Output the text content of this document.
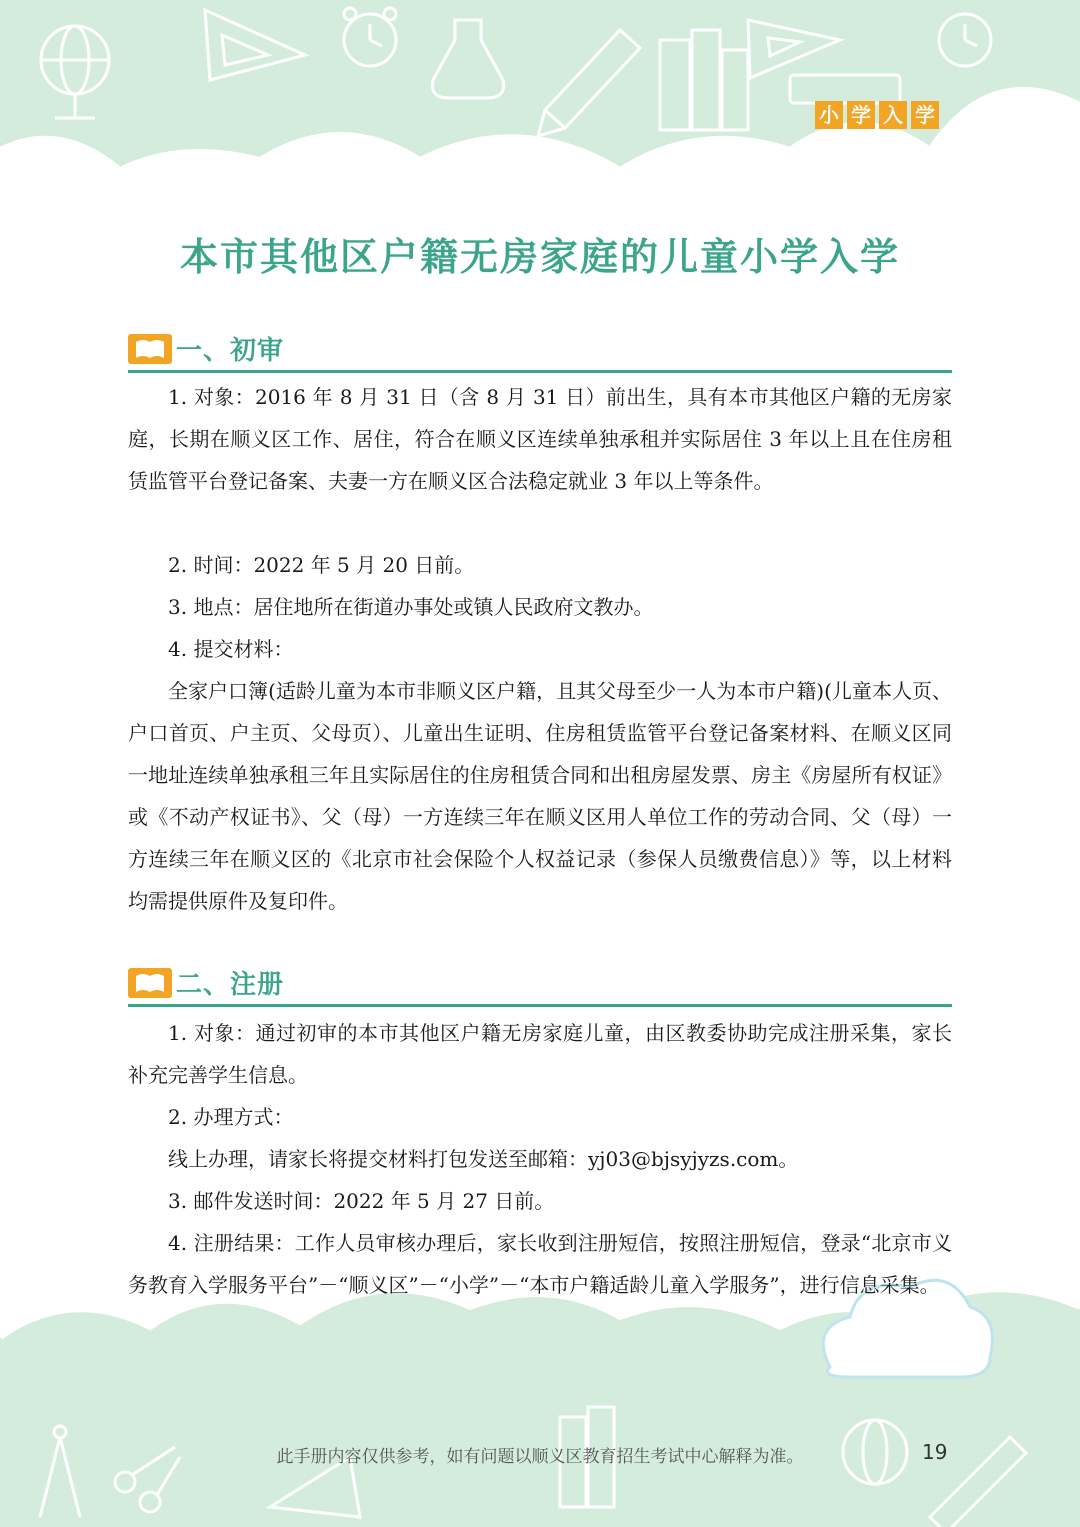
小 学 入 学
本市其他区户籍无房家庭的儿童小学入学
一、初审

1. 对象：2016 年 8 月 31 日（含 8 月 31 日）前出生，具有本市其他区户籍的无房家庭，长期在顺义区工作、居住，符合在顺义区连续单独承租并实际居住 3 年以上且在住房租赁监管平台登记备案、夫妻一方在顺义区合法稳定就业 3 年以上等条件。

2. 时间：2022 年 5 月 20 日前。

3. 地点：居住地所在街道办事处或镇人民政府文教办。

4. 提交材料：

全家户口簿(适龄儿童为本市非顺义区户籍，且其父母至少一人为本市户籍)(儿童本人页、户口首页、户主页、父母页）、儿童出生证明、住房租赁监管平台登记备案材料、在顺义区同一地址连续单独承租三年且实际居住的住房租赁合同和出租房屋发票、房主《房屋所有权证》或《不动产权证书》、父（母）一方连续三年在顺义区用人单位工作的劳动合同、父（母）一方连续三年在顺义区的《北京市社会保险个人权益记录（参保人员缴费信息）》等，以上材料均需提供原件及复印件。

二、注册

1. 对象：通过初审的本市其他区户籍无房家庭儿童，由区教委协助完成注册采集，家长补充完善学生信息。

2. 办理方式：

线上办理，请家长将提交材料打包发送至邮箱：yj03@bjsyjyzs.com。

3. 邮件发送时间：2022 年 5 月 27 日前。

4. 注册结果：工作人员审核办理后，家长收到注册短信，按照注册短信，登录“北京市义务教育入学服务平台”－“顺义区”－“小学”－“本市户籍适龄儿童入学服务”，进行信息采集。

此手册内容仅供参考，如有问题以顺义区教育招生考试中心解释为准。	19
